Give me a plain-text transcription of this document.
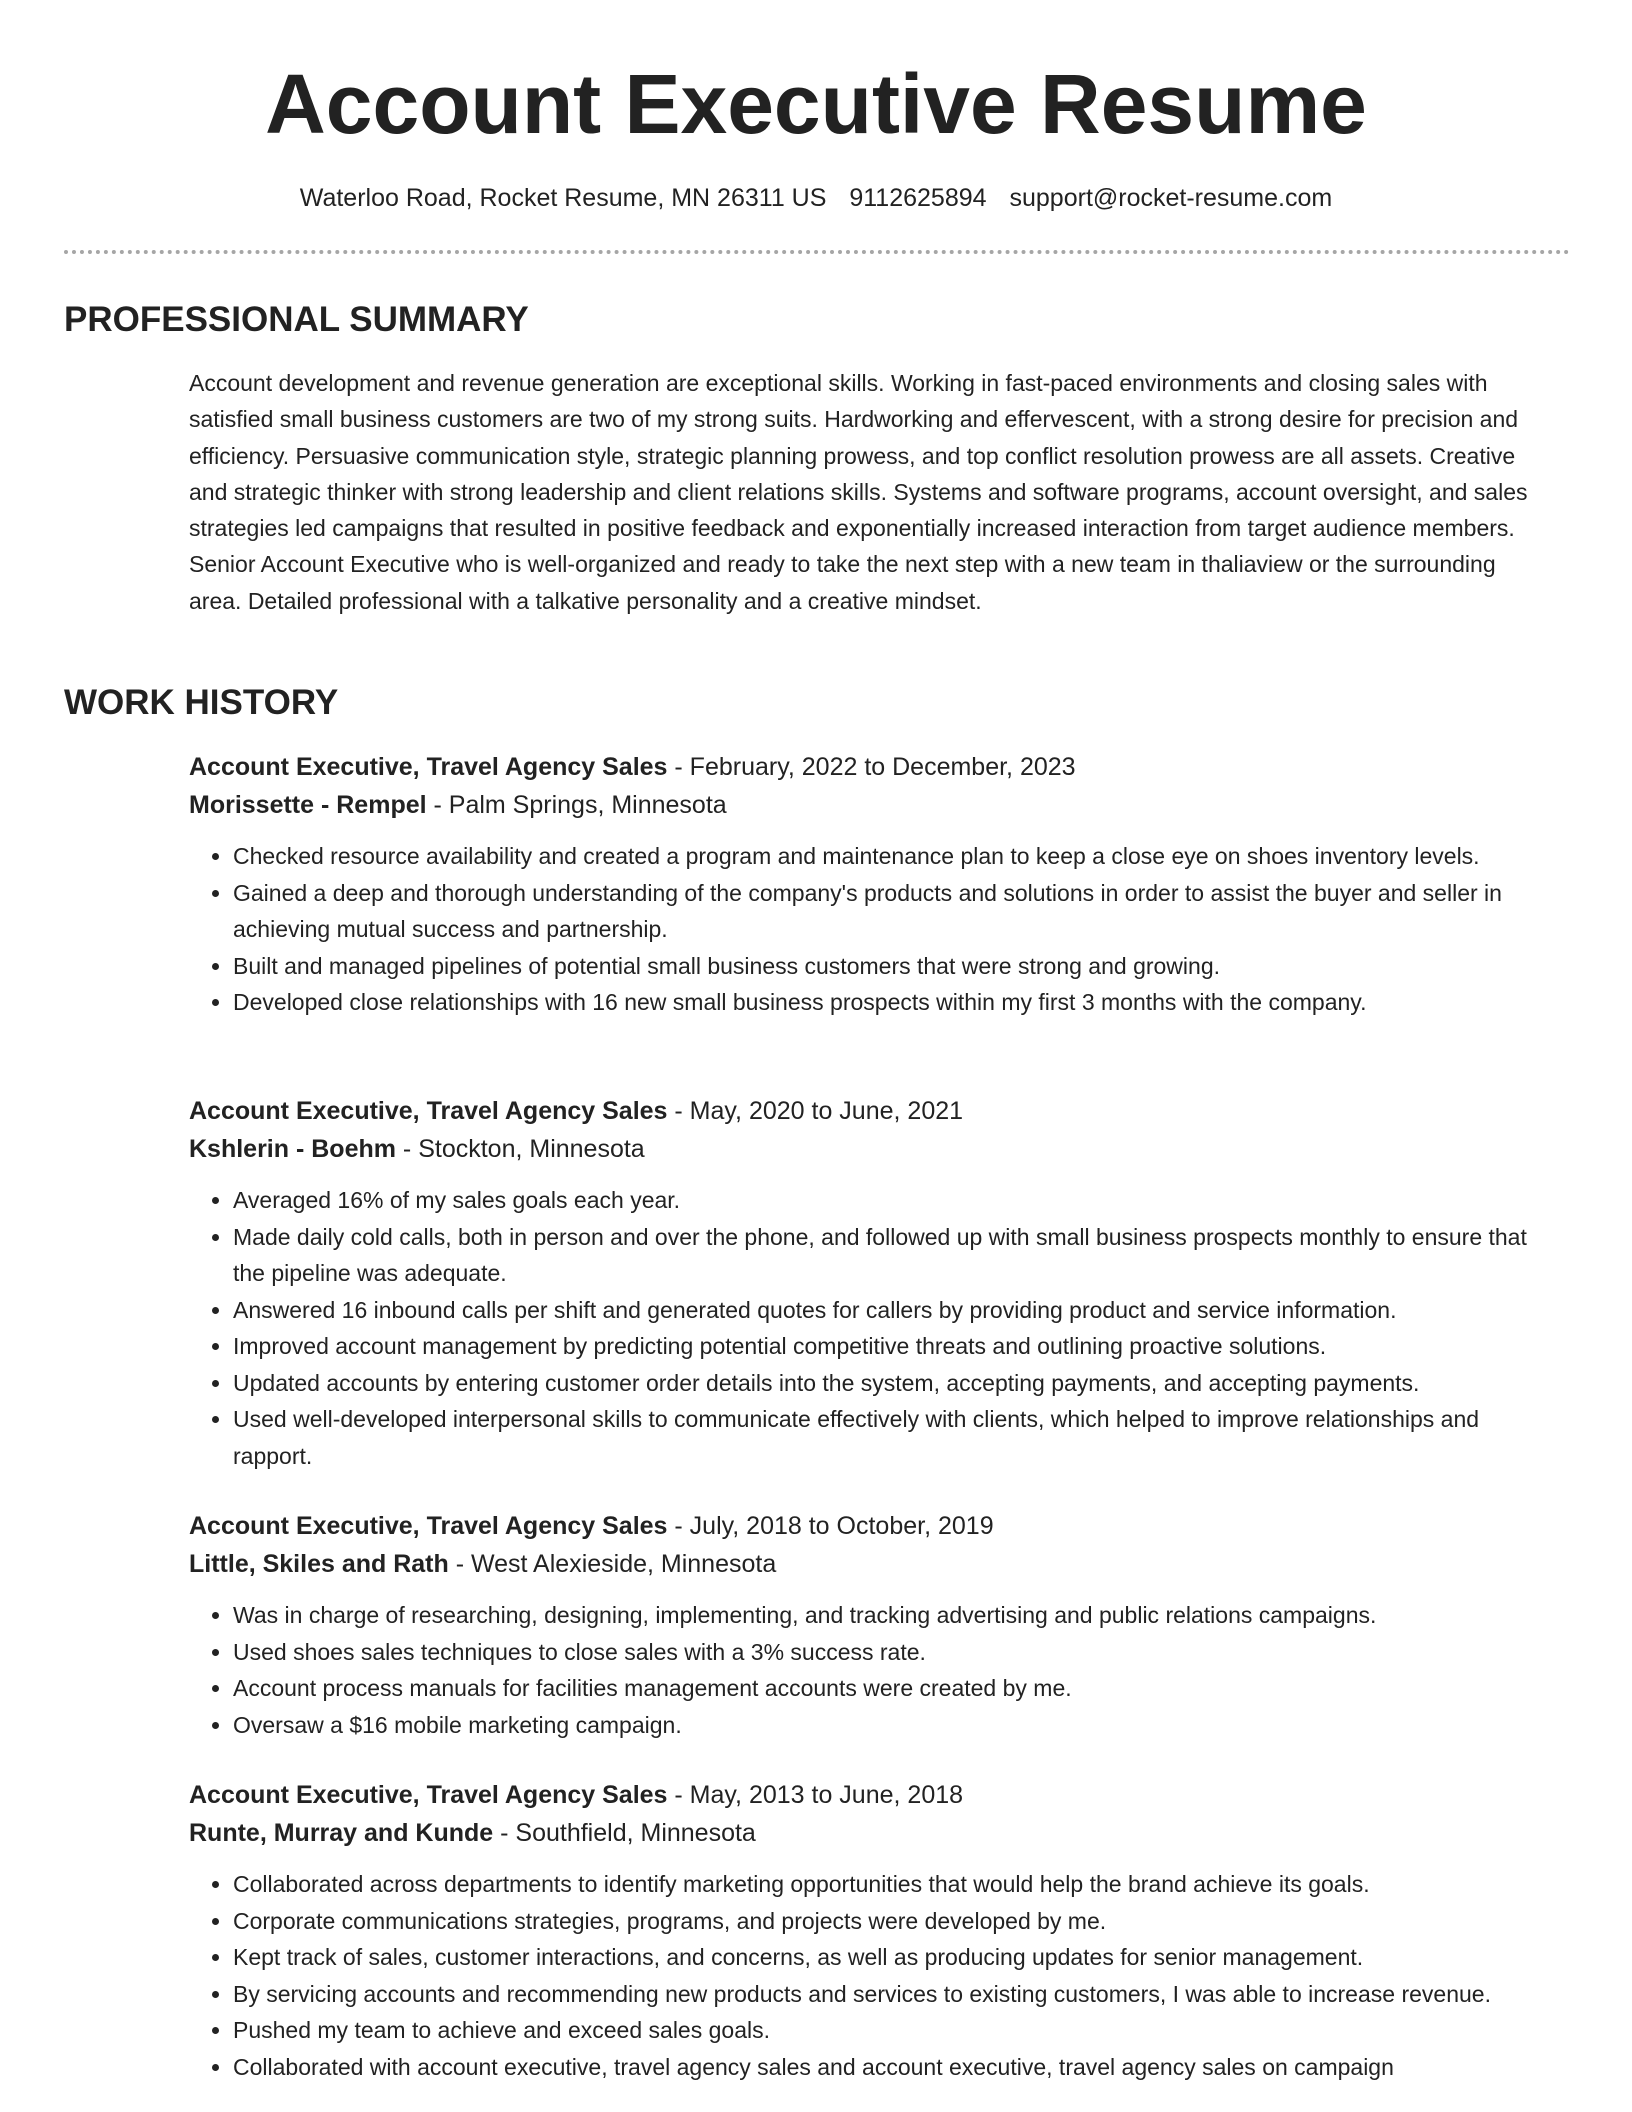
Account Executive Resume
Waterloo Road, Rocket Resume, MN 26311 US 9112625894 support@rocket-resume.com
PROFESSIONAL SUMMARY

Account development and revenue generation are exceptional skills. Working in fast-paced environments and closing sales with satisfied small business customers are two of my strong suits. Hardworking and effervescent, with a strong desire for precision and efficiency. Persuasive communication style, strategic planning prowess, and top conflict resolution prowess are all assets. Creative and strategic thinker with strong leadership and client relations skills. Systems and software programs, account oversight, and sales strategies led campaigns that resulted in positive feedback and exponentially increased interaction from target audience members. Senior Account Executive who is well-organized and ready to take the next step with a new team in thaliaview or the surrounding area. Detailed professional with a talkative personality and a creative mindset.

WORK HISTORY
Account Executive, Travel Agency Sales - February, 2022 to December, 2023
Morissette - Rempel - Palm Springs, Minnesota
• Checked resource availability and created a program and maintenance plan to keep a close eye on shoes inventory levels.
• Gained a deep and thorough understanding of the company's products and solutions in order to assist the buyer and seller in achieving mutual success and partnership.
• Built and managed pipelines of potential small business customers that were strong and growing.
• Developed close relationships with 16 new small business prospects within my first 3 months with the company.
Account Executive, Travel Agency Sales - May, 2020 to June, 2021
Kshlerin - Boehm - Stockton, Minnesota
• Averaged 16% of my sales goals each year.
• Made daily cold calls, both in person and over the phone, and followed up with small business prospects monthly to ensure that the pipeline was adequate.
• Answered 16 inbound calls per shift and generated quotes for callers by providing product and service information.
• Improved account management by predicting potential competitive threats and outlining proactive solutions.
• Updated accounts by entering customer order details into the system, accepting payments, and accepting payments.
• Used well-developed interpersonal skills to communicate effectively with clients, which helped to improve relationships and rapport.
Account Executive, Travel Agency Sales - July, 2018 to October, 2019
Little, Skiles and Rath - West Alexieside, Minnesota
• Was in charge of researching, designing, implementing, and tracking advertising and public relations campaigns.
• Used shoes sales techniques to close sales with a 3% success rate.
• Account process manuals for facilities management accounts were created by me.
• Oversaw a $16 mobile marketing campaign.
Account Executive, Travel Agency Sales - May, 2013 to June, 2018
Runte, Murray and Kunde - Southfield, Minnesota
• Collaborated across departments to identify marketing opportunities that would help the brand achieve its goals.
• Corporate communications strategies, programs, and projects were developed by me.
• Kept track of sales, customer interactions, and concerns, as well as producing updates for senior management.
• By servicing accounts and recommending new products and services to existing customers, I was able to increase revenue.
• Pushed my team to achieve and exceed sales goals.
• Collaborated with account executive, travel agency sales and account executive, travel agency sales on campaign
